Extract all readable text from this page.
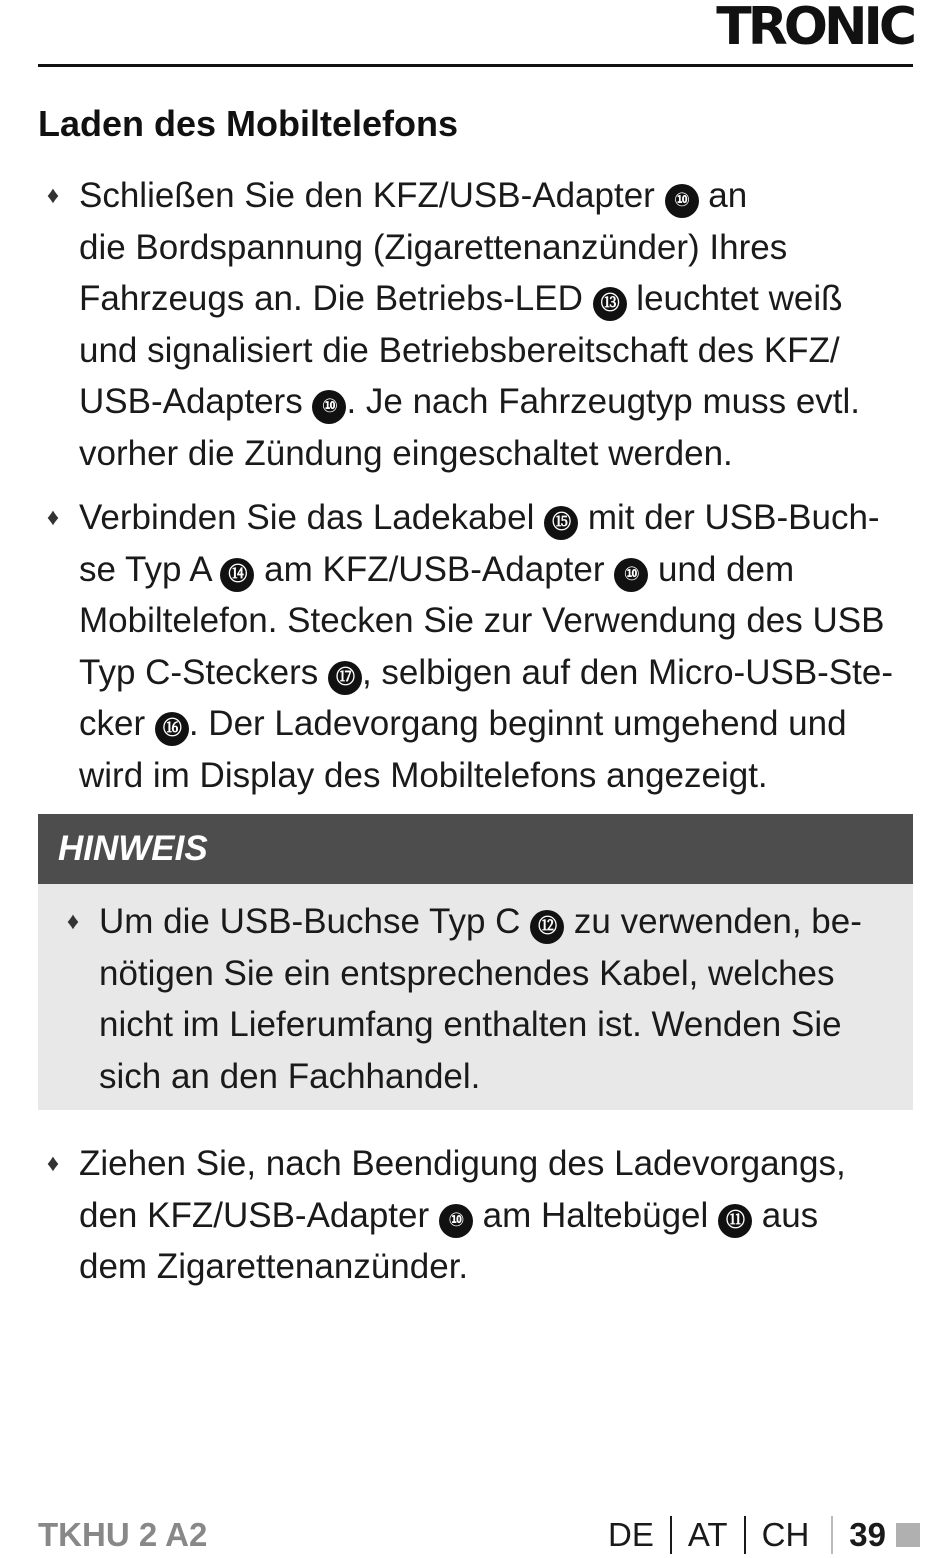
TRONIC
Laden des Mobiltelefons
♦ Schließen Sie den KFZ/USB-Adapter ⑩ an
die Bordspannung (Zigarettenanzünder) Ihres
Fahrzeugs an. Die Betriebs-LED ⑬ leuchtet weiß
und signalisiert die Betriebsbereitschaft des KFZ/
USB-Adapters ⑩ . Je nach Fahrzeugtyp muss evtl.
vorher die Zündung eingeschaltet werden.
♦ Verbinden Sie das Ladekabel ⑮ mit der USB-Buch-
se Typ A ⑭ am KFZ/USB-Adapter ⑩ und dem
Mobiltelefon. Stecken Sie zur Verwendung des USB
Typ C-Steckers ⑰ , selbigen auf den Micro-USB-Ste-
cker ⑯ . Der Ladevorgang beginnt umgehend und
wird im Display des Mobiltelefons angezeigt.
HINWEIS
♦ Um die USB-Buchse Typ C ⑫ zu verwenden, be-
nötigen Sie ein entsprechendes Kabel, welches
nicht im Lieferumfang enthalten ist. Wenden Sie
sich an den Fachhandel.
♦ Ziehen Sie, nach Beendigung des Ladevorgangs,
den KFZ/USB-Adapter ⑩ am Haltebügel ⑪ aus
dem Zigarettenanzünder.
TKHU 2 A2	DE AT CH 39
